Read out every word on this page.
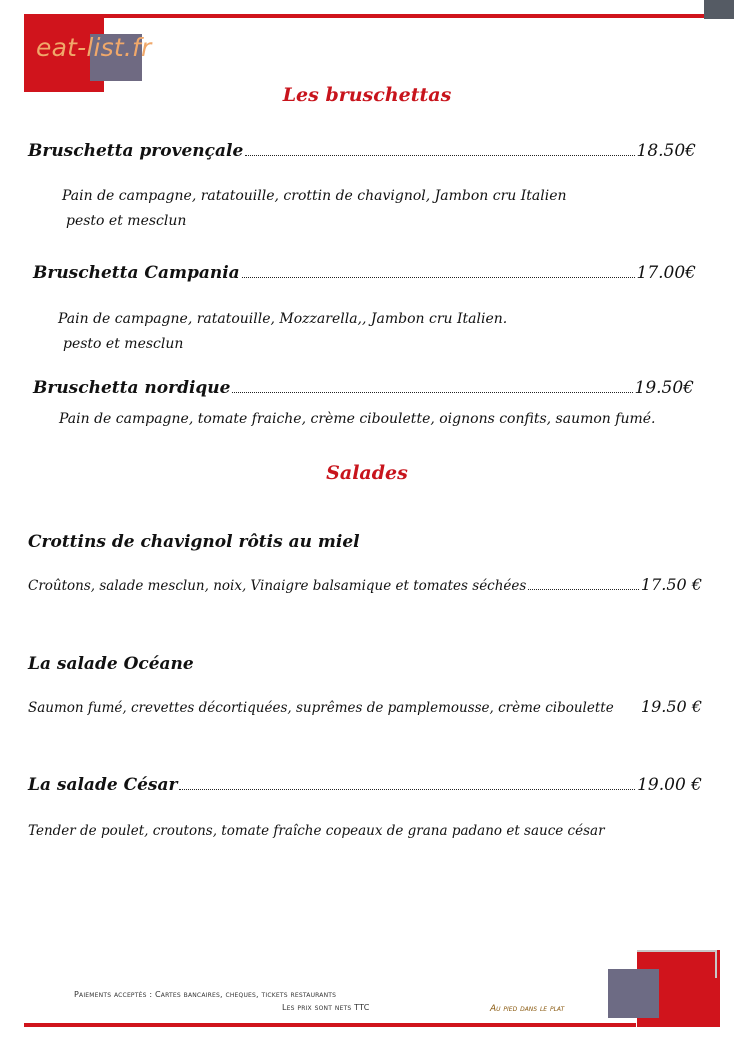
eat-list.fr
Les bruschettas
Bruschetta provençale	18.50€
Pain de campagne, ratatouille, crottin de chavignol, Jambon cru Italien
pesto et mesclun
Bruschetta Campania	17.00€
Pain de campagne, ratatouille, Mozzarella,, Jambon cru Italien.
pesto et mesclun
Bruschetta nordique	19.50€
Pain de campagne, tomate fraiche, crème ciboulette, oignons confits, saumon fumé.
Salades
Crottins de chavignol rôtis au miel
Croûtons, salade mesclun, noix, Vinaigre balsamique et tomates séchées	17.50 €
La salade Océane
Saumon fumé, crevettes décortiquées, suprêmes de pamplemousse, crème ciboulette 19.50 €
La salade César	19.00 €
Tender de poulet, croutons, tomate fraîche copeaux de grana padano et sauce césar
Paiements acceptés : Cartes bancaires, cheques, tickets restaurants
Les prix sont nets TTC	Au pied dans le plat
